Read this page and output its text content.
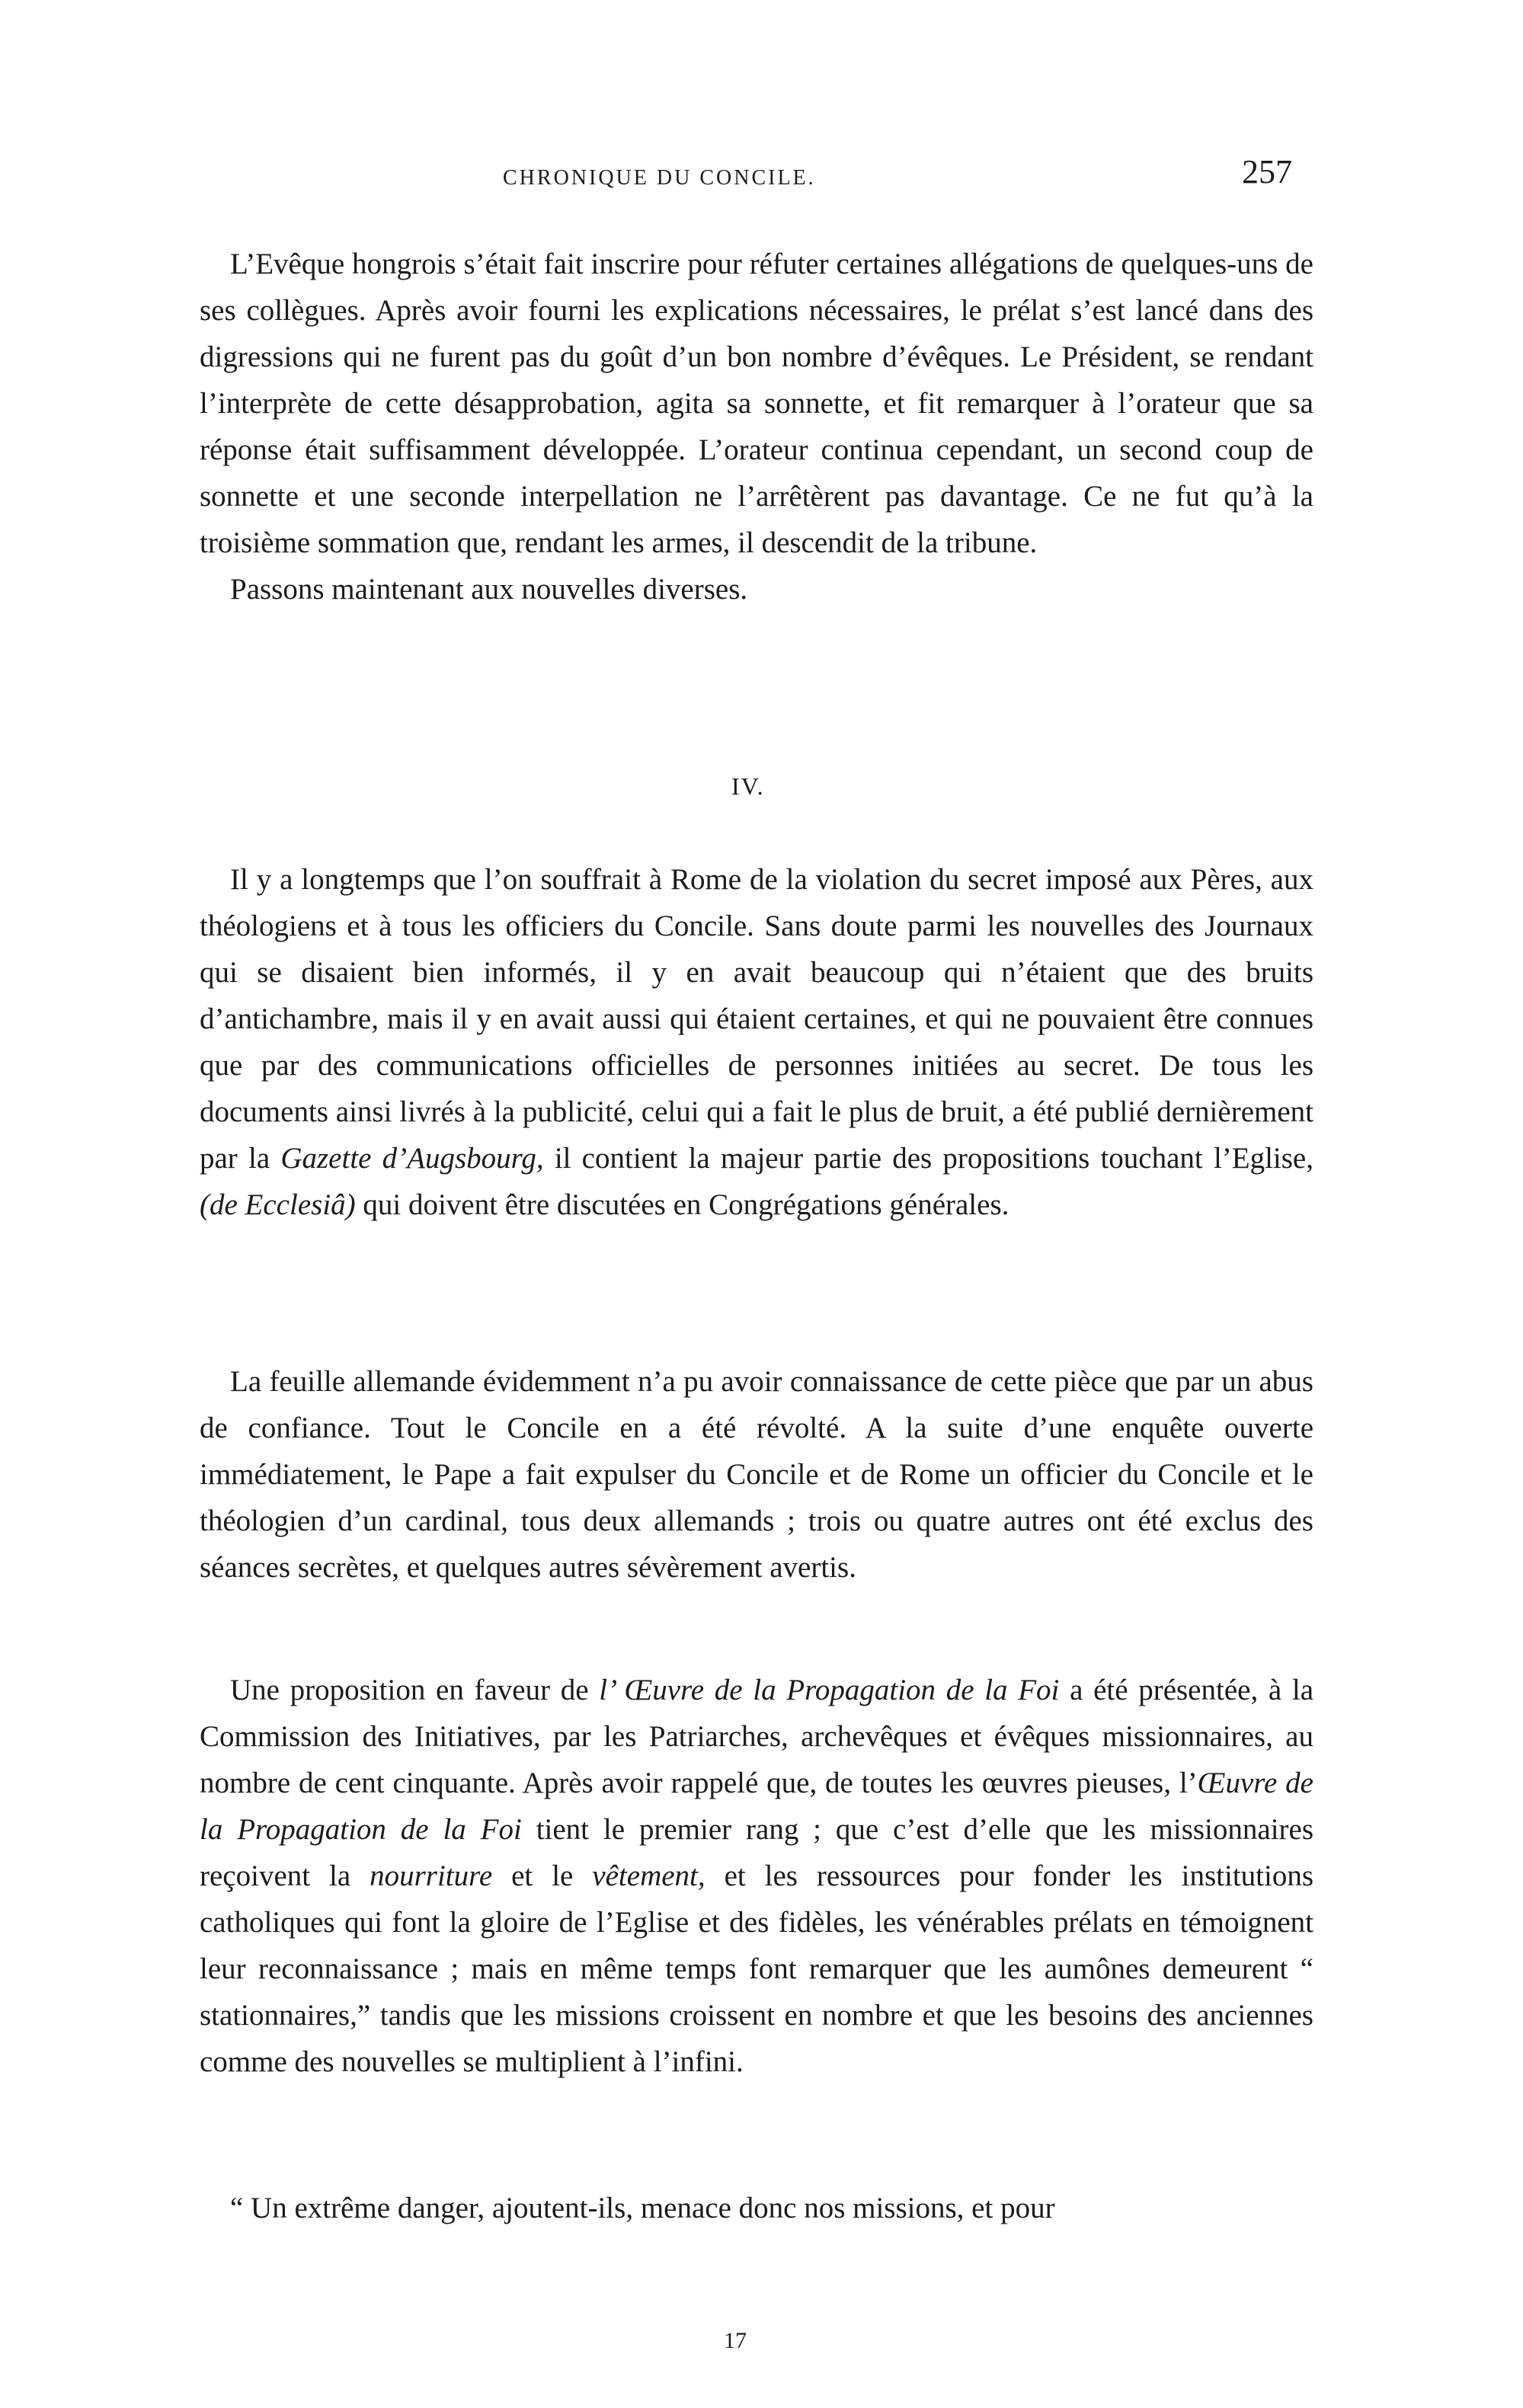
CHRONIQUE DU CONCILE.	257

L’Evêque hongrois s’était fait inscrire pour réfuter certaines allégations de quelques-uns de ses collègues. Après avoir fourni les explications nécessaires, le prélat s’est lancé dans des digressions qui ne furent pas du goût d’un bon nombre d’évêques. Le Président, se rendant l’interprète de cette désapprobation, agita sa sonnette, et fit remarquer à l’orateur que sa réponse était suffisamment développée. L’orateur continua cependant, un second coup de sonnette et une seconde interpellation ne l’arrêtèrent pas davantage. Ce ne fut qu’à la troisième sommation que, rendant les armes, il descendit de la tribune.

Passons maintenant aux nouvelles diverses.

IV.

Il y a longtemps que l’on souffrait à Rome de la violation du secret imposé aux Pères, aux théologiens et à tous les officiers du Concile. Sans doute parmi les nouvelles des Journaux qui se disaient bien informés, il y en avait beaucoup qui n’étaient que des bruits d’antichambre, mais il y en avait aussi qui étaient certaines, et qui ne pouvaient être connues que par des communications officielles de personnes initiées au secret. De tous les documents ainsi livrés à la publicité, celui qui a fait le plus de bruit, a été publié dernièrement par la Gazette d’Augsbourg, il contient la majeur partie des propositions touchant l’Eglise, (de Ecclesiâ) qui doivent être discutées en Congrégations générales.

La feuille allemande évidemment n’a pu avoir connaissance de cette pièce que par un abus de confiance. Tout le Concile en a été révolté. A la suite d’une enquête ouverte immédiatement, le Pape a fait expulser du Concile et de Rome un officier du Concile et le théologien d’un cardinal, tous deux allemands ; trois ou quatre autres ont été exclus des séances secrètes, et quelques autres sévèrement avertis.

Une proposition en faveur de l’ Œuvre de la Propagation de la Foi a été présentée, à la Commission des Initiatives, par les Patriarches, archevêques et évêques missionnaires, au nombre de cent cinquante. Après avoir rappelé que, de toutes les œuvres pieuses, l’Œuvre de la Propagation de la Foi tient le premier rang ; que c’est d’elle que les missionnaires reçoivent la nourriture et le vêtement, et les ressources pour fonder les institutions catholiques qui font la gloire de l’Eglise et des fidèles, les vénérables prélats en témoignent leur reconnaissance ; mais en même temps font remarquer que les aumônes demeurent “ stationnaires,” tandis que les missions croissent en nombre et que les besoins des anciennes comme des nouvelles se multiplient à l’infini.

“ Un extrême danger, ajoutent-ils, menace donc nos missions, et pour

17
